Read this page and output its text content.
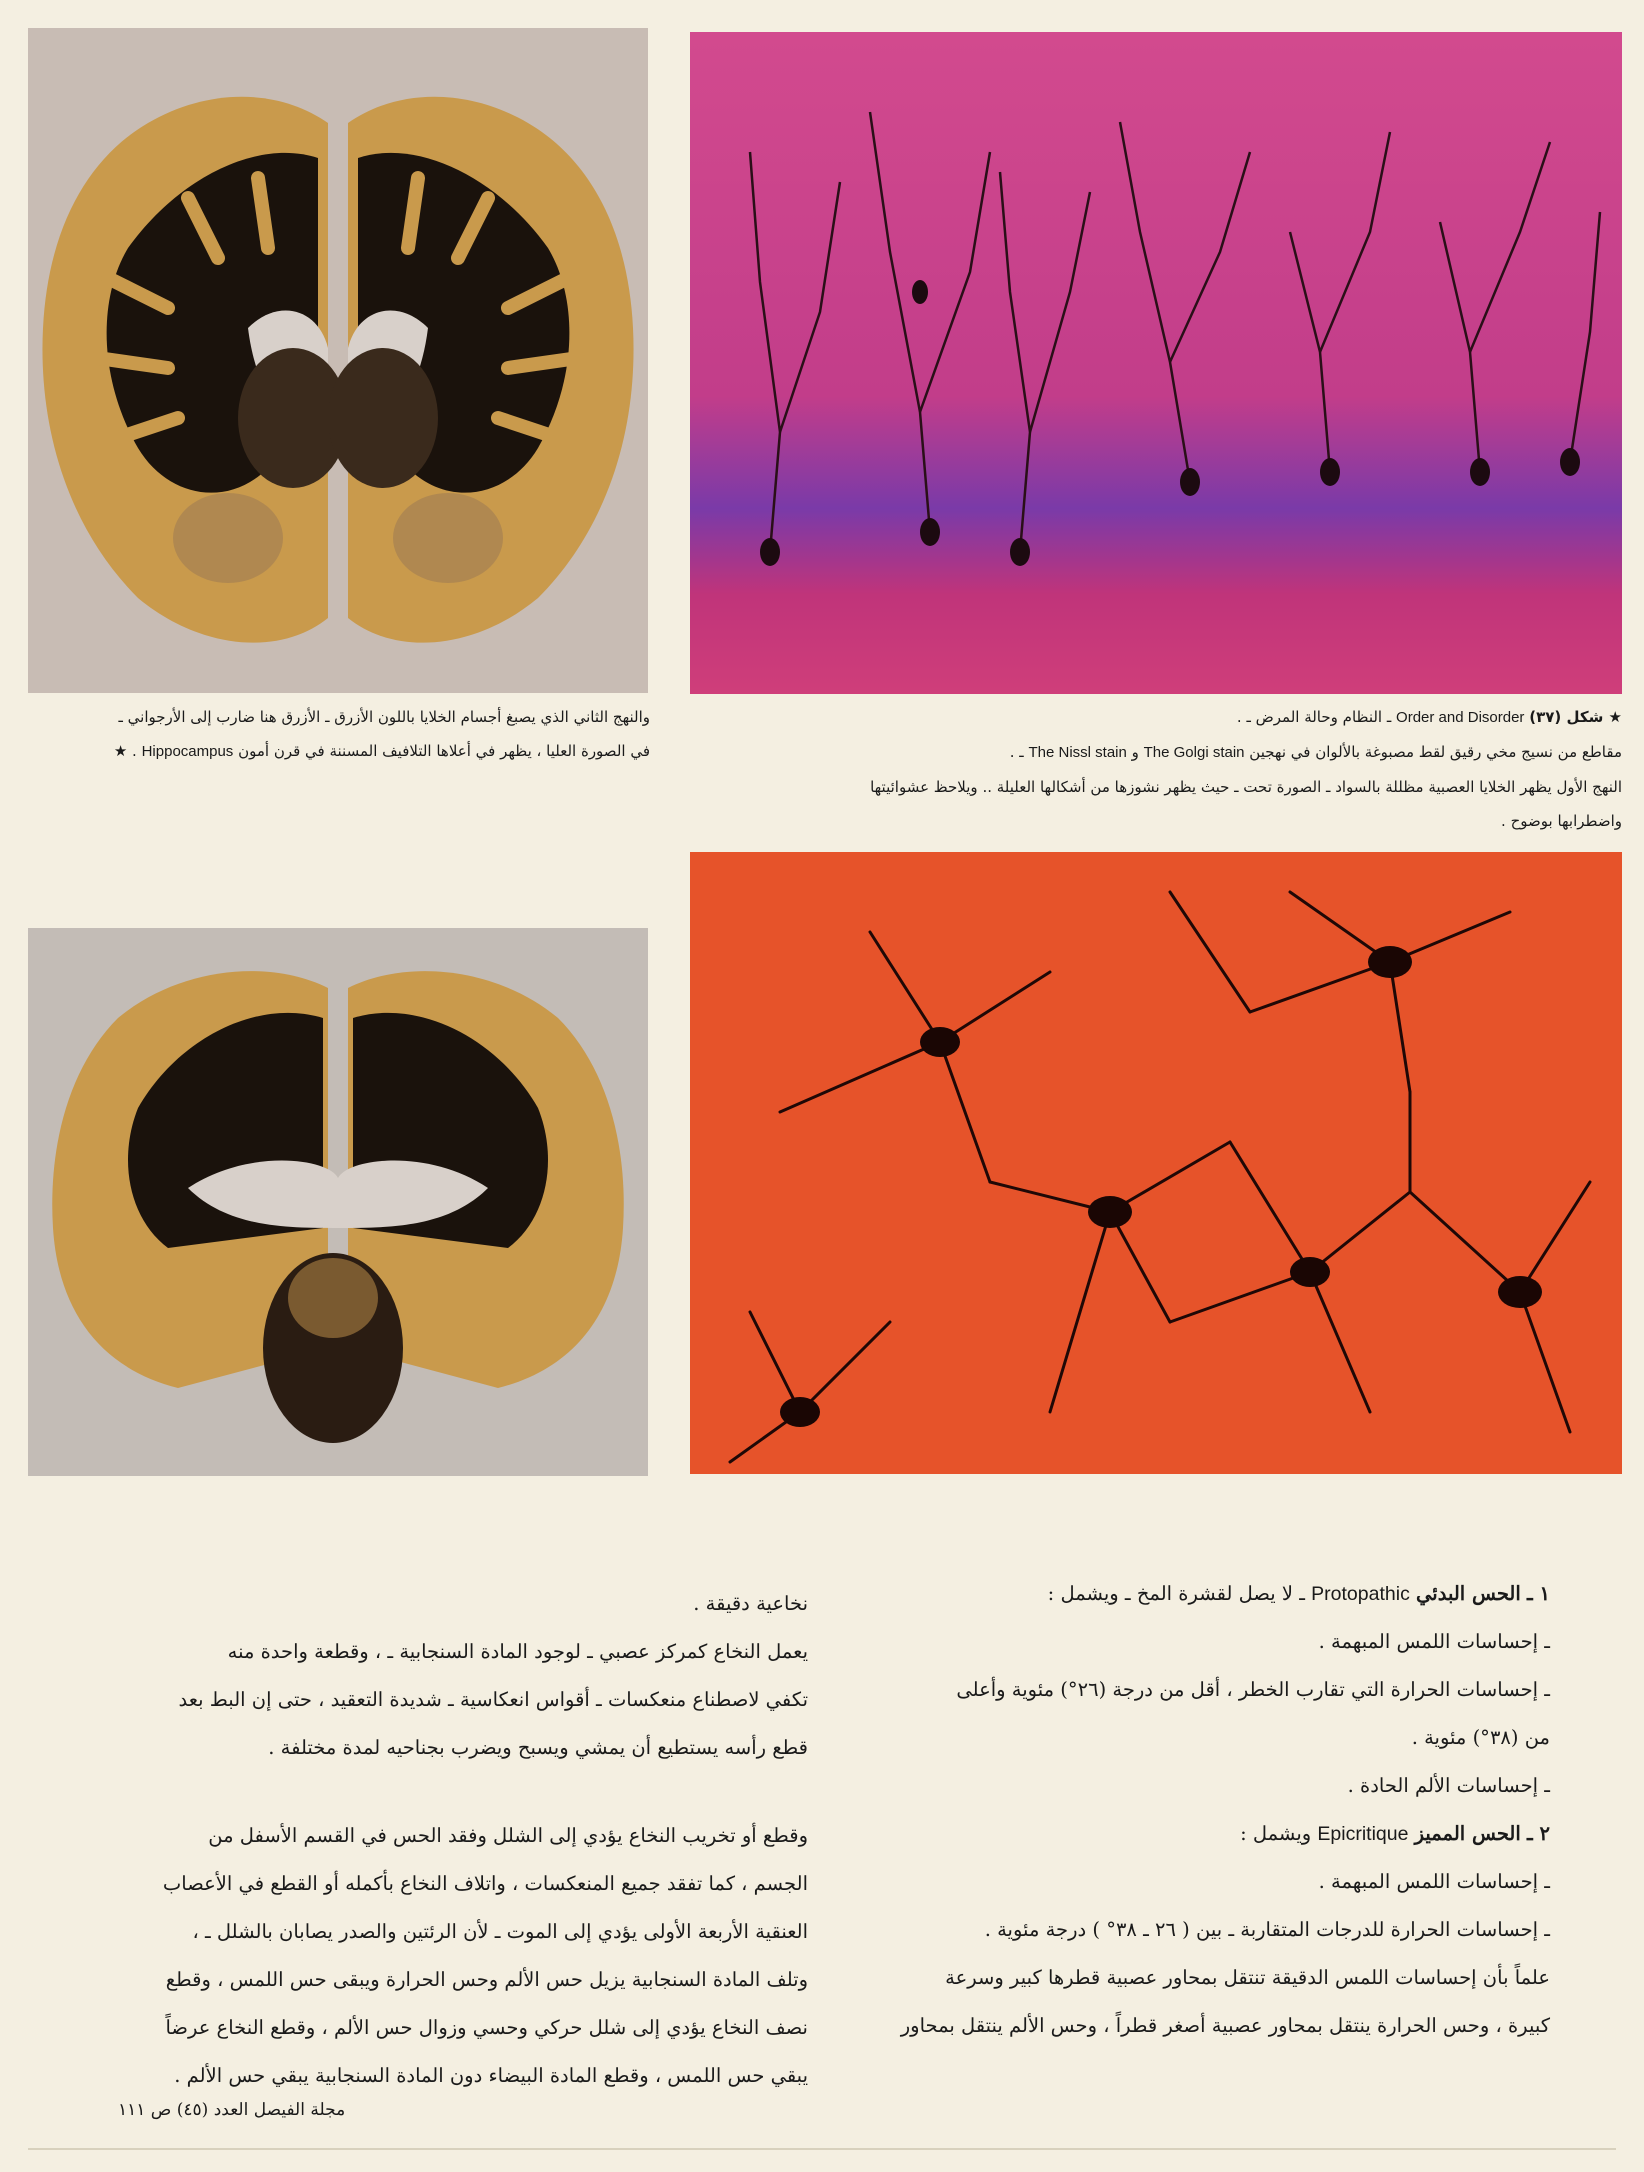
★ شكل (٣٧) Order and Disorder ـ النظام وحالة المرض ـ .
مقاطع من نسيج مخي رقيق لقط مصبوغة بالألوان في نهجين The Golgi stain و The Nissl stain ـ .
النهج الأول يظهر الخلايا العصبية مظللة بالسواد ـ الصورة تحت ـ حيث يظهر نشوزها من أشكالها العليلة .. ويلاحظ عشوائيتها
واضطرابها بوضوح .
والنهج الثاني الذي يصبغ أجسام الخلايا باللون الأزرق ـ الأزرق هنا ضارب إلى الأرجواني ـ
في الصورة العليا ، يظهر في أعلاها التلافيف المسننة في قرن أمون Hippocampus . ★

١ ـ الحس البدئي Protopathic ـ لا يصل لقشرة المخ ـ ويشمل :

ـ إحساسات اللمس المبهمة .

ـ إحساسات الحرارة التي تقارب الخطر ، أقل من درجة (٢٦°) مئوية وأعلى

من (٣٨°) مئوية .

ـ إحساسات الألم الحادة .

٢ ـ الحس المميز Epicritique ويشمل :

ـ إحساسات اللمس المبهمة .

ـ إحساسات الحرارة للدرجات المتقاربة ـ بين ( ٢٦ ـ ٣٨° ) درجة مئوية .

علماً بأن إحساسات اللمس الدقيقة تنتقل بمحاور عصبية قطرها كبير وسرعة

كبيرة ، وحس الحرارة ينتقل بمحاور عصبية أصغر قطراً ، وحس الألم ينتقل بمحاور

نخاعية دقيقة .

يعمل النخاع كمركز عصبي ـ لوجود المادة السنجابية ـ ، وقطعة واحدة منه

تكفي لاصطناع منعكسات ـ أقواس انعكاسية ـ شديدة التعقيد ، حتى إن البط بعد

قطع رأسه يستطيع أن يمشي ويسبح ويضرب بجناحيه لمدة مختلفة .

وقطع أو تخريب النخاع يؤدي إلى الشلل وفقد الحس في القسم الأسفل من

الجسم ، كما تفقد جميع المنعكسات ، واتلاف النخاع بأكمله أو القطع في الأعصاب

العنقية الأربعة الأولى يؤدي إلى الموت ـ لأن الرئتين والصدر يصابان بالشلل ـ ،

وتلف المادة السنجابية يزيل حس الألم وحس الحرارة ويبقى حس اللمس ، وقطع

نصف النخاع يؤدي إلى شلل حركي وحسي وزوال حس الألم ، وقطع النخاع عرضاً

يبقي حس اللمس ، وقطع المادة البيضاء دون المادة السنجابية يبقي حس الألم .

مجلة الفيصل العدد (٤٥) ص ١١١
